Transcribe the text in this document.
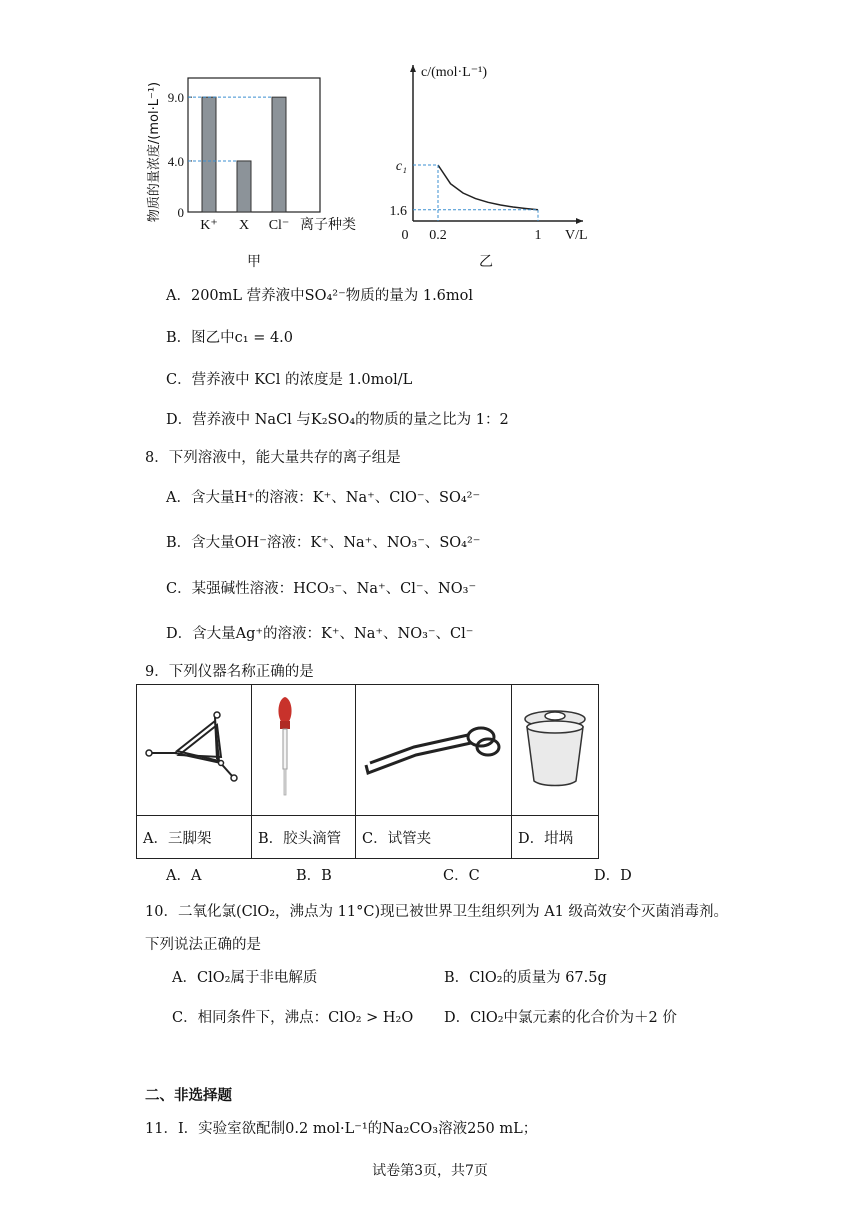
9.0
4.0
0
K⁺ X Cl⁻ 离子种类
物质的量浓度/(mol·L⁻¹)
甲
c/(mol·L⁻¹)
V/L
c₁
1.6
0 0.2	1
乙
A．200mL 营养液中SO₄²⁻物质的量为 1.6mol
B．图乙中c₁ = 4.0
C．营养液中 KCl 的浓度是 1.0mol/L
D．营养液中 NaCl 与K₂SO₄的物质的量之比为 1：2
8．下列溶液中，能大量共存的离子组是
A．含大量H⁺的溶液：K⁺、Na⁺、ClO⁻、SO₄²⁻
B．含大量OH⁻溶液：K⁺、Na⁺、NO₃⁻、SO₄²⁻
C．某强碱性溶液：HCO₃⁻、Na⁺、Cl⁻、NO₃⁻
D．含大量Ag⁺的溶液：K⁺、Na⁺、NO₃⁻、Cl⁻
9．下列仪器名称正确的是

A．三脚架	B．胶头滴管	C．试管夹	D．坩埚
A．A	B．B	C．C	D．D
10．二氧化氯(ClO₂，沸点为 11°C)现已被世界卫生组织列为 A1 级高效安个灭菌消毒剂。
下列说法正确的是
A．ClO₂属于非电解质	B．ClO₂的质量为 67.5g
C．相同条件下，沸点：ClO₂ > H₂O D．ClO₂中氯元素的化合价为＋2 价
二、非选择题
11．I．实验室欲配制0.2 mol·L⁻¹的Na₂CO₃溶液250 mL；
试卷第3页，共7页
